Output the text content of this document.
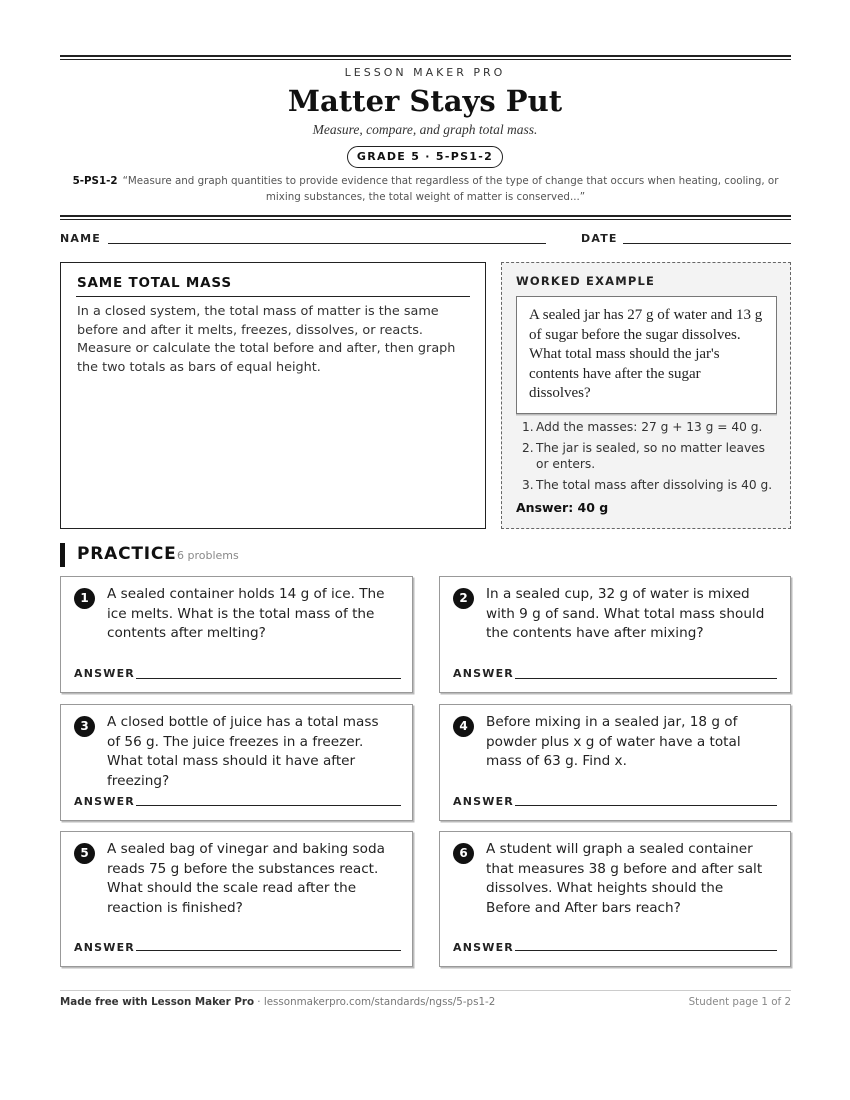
LESSON MAKER PRO
Matter Stays Put
Measure, compare, and graph total mass.
GRADE 5 · 5-PS1-2
5-PS1-2 “Measure and graph quantities to provide evidence that regardless of the type of change that occurs when heating, cooling, or mixing substances, the total weight of matter is conserved...”
NAME	DATE
SAME TOTAL MASS
In a closed system, the total mass of matter is the same before and after it melts, freezes, dissolves, or reacts. Measure or calculate the total before and after, then graph the two totals as bars of equal height.
WORKED EXAMPLE
A sealed jar has 27 g of water and 13 g of sugar before the sugar dissolves. What total mass should the jar's contents have after the sugar dissolves?
1. Add the masses: 27 g + 13 g = 40 g.
2. The jar is sealed, so no matter leaves or enters.
3. The total mass after dissolving is 40 g.
Answer: 40 g
PRACTICE 6 problems
1	A sealed container holds 14 g of ice. The ice melts. What is the total mass of the contents after melting?
ANSWER
2	In a sealed cup, 32 g of water is mixed with 9 g of sand. What total mass should the contents have after mixing?
ANSWER
3	A closed bottle of juice has a total mass of 56 g. The juice freezes in a freezer. What total mass should it have after freezing?
ANSWER
4	Before mixing in a sealed jar, 18 g of powder plus x g of water have a total mass of 63 g. Find x.
ANSWER
5	A sealed bag of vinegar and baking soda reads 75 g before the substances react. What should the scale read after the reaction is finished?
ANSWER
6	A student will graph a sealed container that measures 38 g before and after salt dissolves. What heights should the Before and After bars reach?
ANSWER
Made free with Lesson Maker Pro · lessonmakerpro.com/standards/ngss/5-ps1-2	Student page 1 of 2
